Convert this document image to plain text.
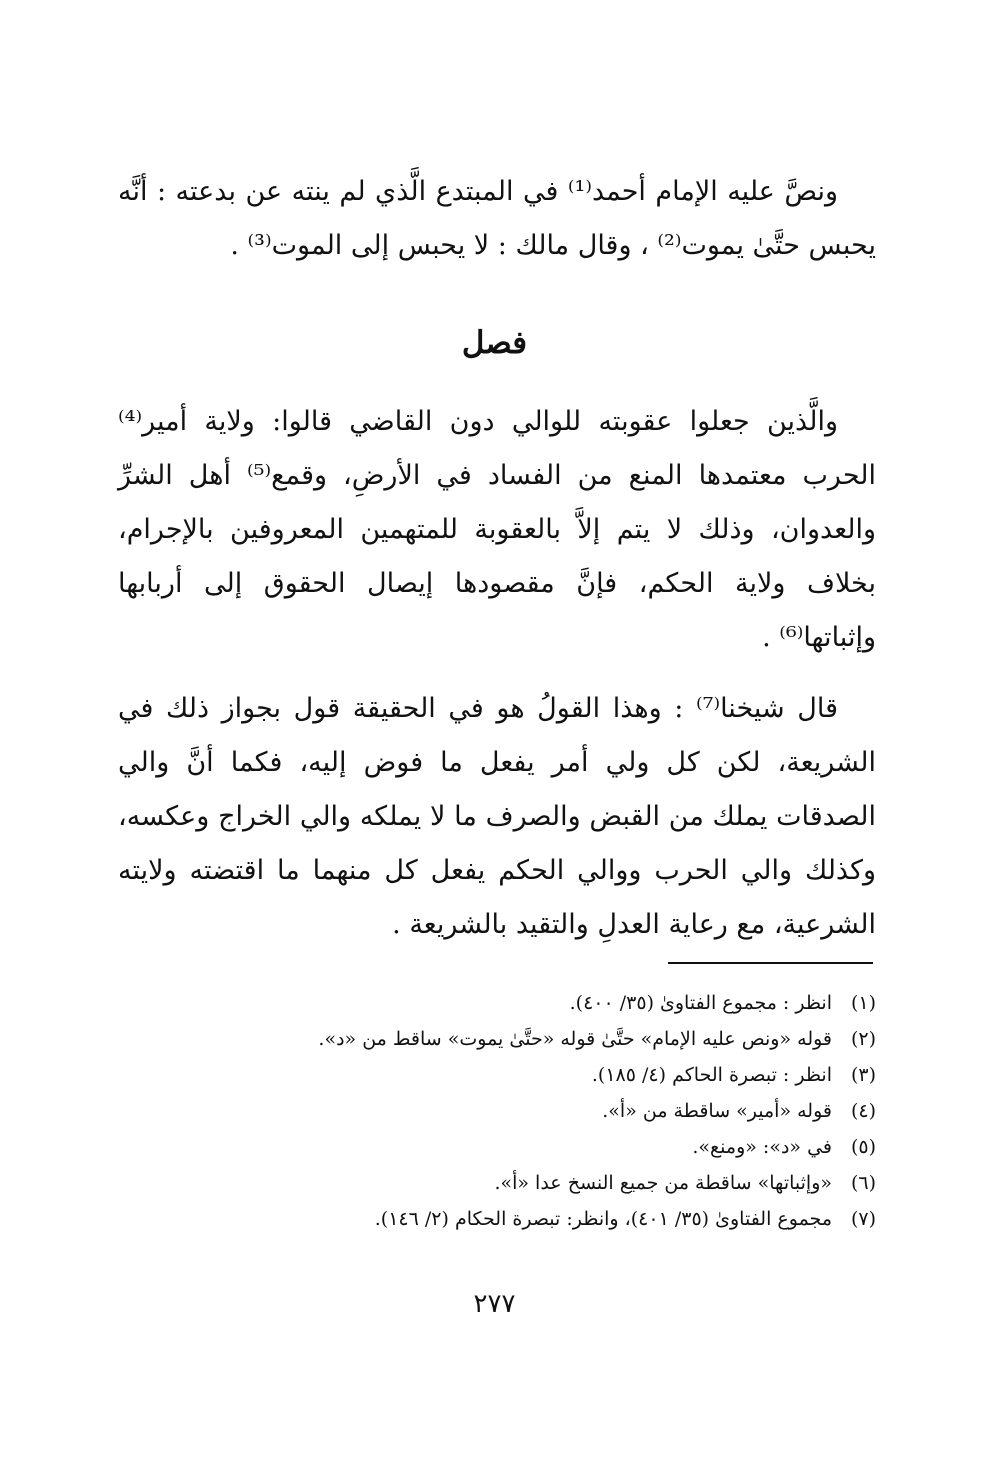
ونصَّ عليه الإمام أحمد⁽¹⁾ في المبتدع الَّذي لم ينته عن بدعته : أنَّه يحبس حتَّىٰ يموت⁽²⁾ ، وقال مالك : لا يحبس إلى الموت⁽³⁾ .

فصل

والَّذين جعلوا عقوبته للوالي دون القاضي قالوا: ولاية أمير⁽⁴⁾ الحرب معتمدها المنع من الفساد في الأرضِ، وقمع⁽⁵⁾ أهل الشرِّ والعدوان، وذلك لا يتم إلاَّ بالعقوبة للمتهمين المعروفين بالإجرام، بخلاف ولاية الحكم، فإنَّ مقصودها إيصال الحقوق إلى أربابها وإثباتها⁽⁶⁾ .

قال شيخنا⁽⁷⁾ : وهذا القولُ هو في الحقيقة قول بجواز ذلك في الشريعة، لكن كل ولي أمر يفعل ما فوض إليه، فكما أنَّ والي الصدقات يملك من القبض والصرف ما لا يملكه والي الخراج وعكسه، وكذلك والي الحرب ووالي الحكم يفعل كل منهما ما اقتضته ولايته الشرعية، مع رعاية العدلِ والتقيد بالشريعة .

(١)
انظر : مجموع الفتاوىٰ (٣٥/ ٤٠٠).
(٢)
قوله «ونص عليه الإمام» حتَّىٰ قوله «حتَّىٰ يموت» ساقط من «د».
(٣)
انظر : تبصرة الحاكم (٤/ ١٨٥).
(٤)
قوله «أمير» ساقطة من «أ».
(٥)
في «د»: «ومنع».
(٦)
«وإثباتها» ساقطة من جميع النسخ عدا «أ».
(٧)
مجموع الفتاوىٰ (٣٥/ ٤٠١)، وانظر: تبصرة الحكام (٢/ ١٤٦).
٢٧٧
